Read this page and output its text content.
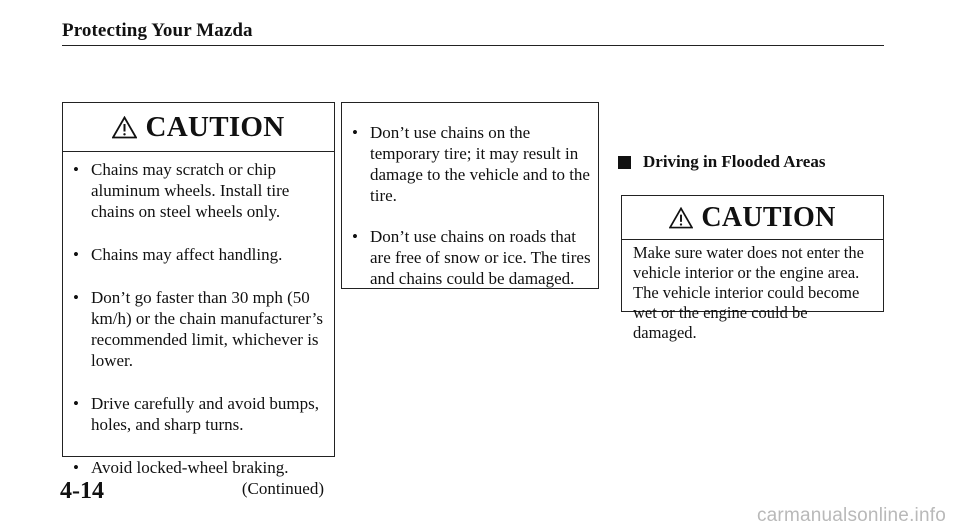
Protecting Your Mazda
CAUTION
• Chains may scratch or chip aluminum wheels. Install tire chains on steel wheels only.
• Chains may affect handling.
• Don’t go faster than 30 mph (50 km/h) or the chain manufacturer’s recommended limit, whichever is lower.
• Drive carefully and avoid bumps, holes, and sharp turns.
• Avoid locked-wheel braking.
(Continued)
• Don’t use chains on the temporary tire; it may result in damage to the vehicle and to the tire.
• Don’t use chains on roads that are free of snow or ice. The tires and chains could be damaged.
Driving in Flooded Areas
CAUTION
Make sure water does not enter the vehicle interior or the engine area. The vehicle interior could become wet or the engine could be damaged.
4-14
carmanualsonline.info
